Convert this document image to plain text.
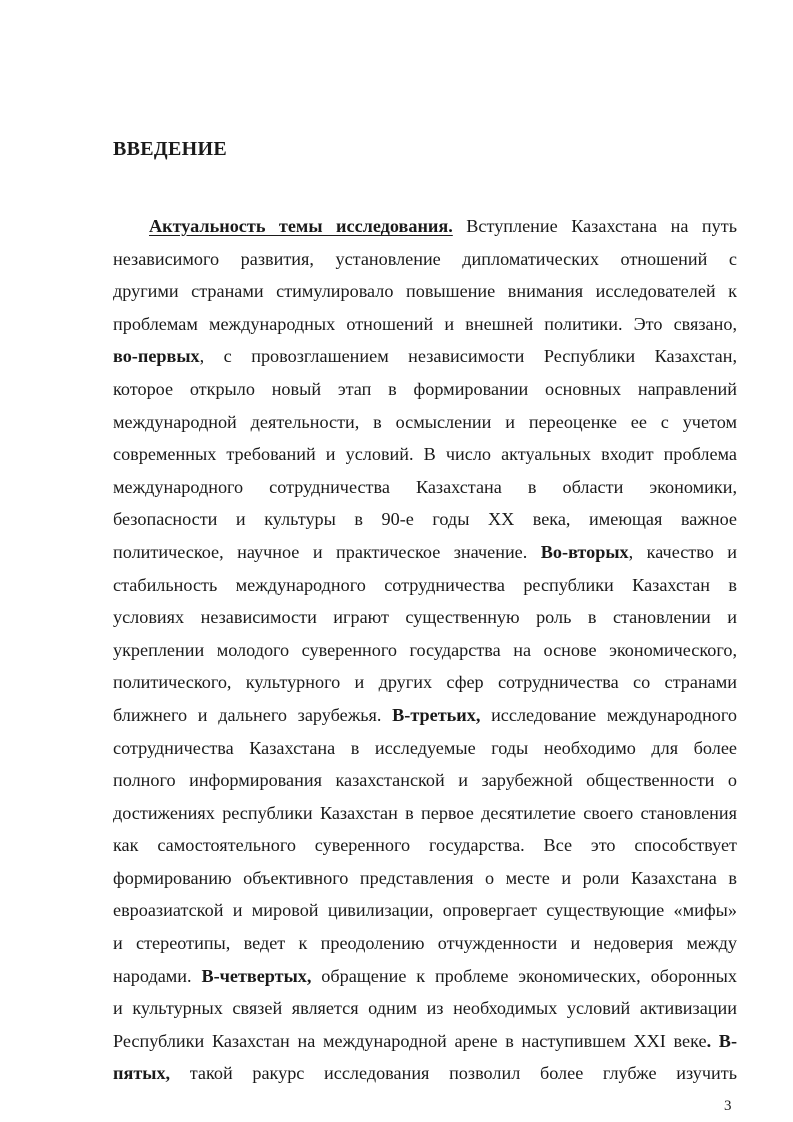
ВВЕДЕНИЕ
Актуальность темы исследования. Вступление Казахстана на путь
независимого развития, установление дипломатических отношений с
другими странами стимулировало повышение внимания исследователей к
проблемам международных отношений и внешней политики. Это связано,
во-первых, с провозглашением независимости Республики Казахстан,
которое открыло новый этап в формировании основных направлений
международной деятельности, в осмыслении и переоценке ее с учетом
современных требований и условий. В число актуальных входит проблема
международного сотрудничества Казахстана в области экономики,
безопасности и культуры в 90-е годы XX века, имеющая важное
политическое, научное и практическое значение. Во-вторых, качество и
стабильность международного сотрудничества республики Казахстан в
условиях независимости играют существенную роль в становлении и
укреплении молодого суверенного государства на основе экономического,
политического, культурного и других сфер сотрудничества со странами
ближнего и дальнего зарубежья. В-третьих, исследование международного
сотрудничества Казахстана в исследуемые годы необходимо для более
полного информирования казахстанской и зарубежной общественности о
достижениях республики Казахстан в первое десятилетие своего становления
как самостоятельного суверенного государства. Все это способствует
формированию объективного представления о месте и роли Казахстана в
евроазиатской и мировой цивилизации, опровергает существующие «мифы»
и стереотипы, ведет к преодолению отчужденности и недоверия между
народами. В-четвертых, обращение к проблеме экономических, оборонных
и культурных связей является одним из необходимых условий активизации
Республики Казахстан на международной арене в наступившем XXI веке. В-
пятых, такой ракурс исследования позволил более глубже изучить
3
